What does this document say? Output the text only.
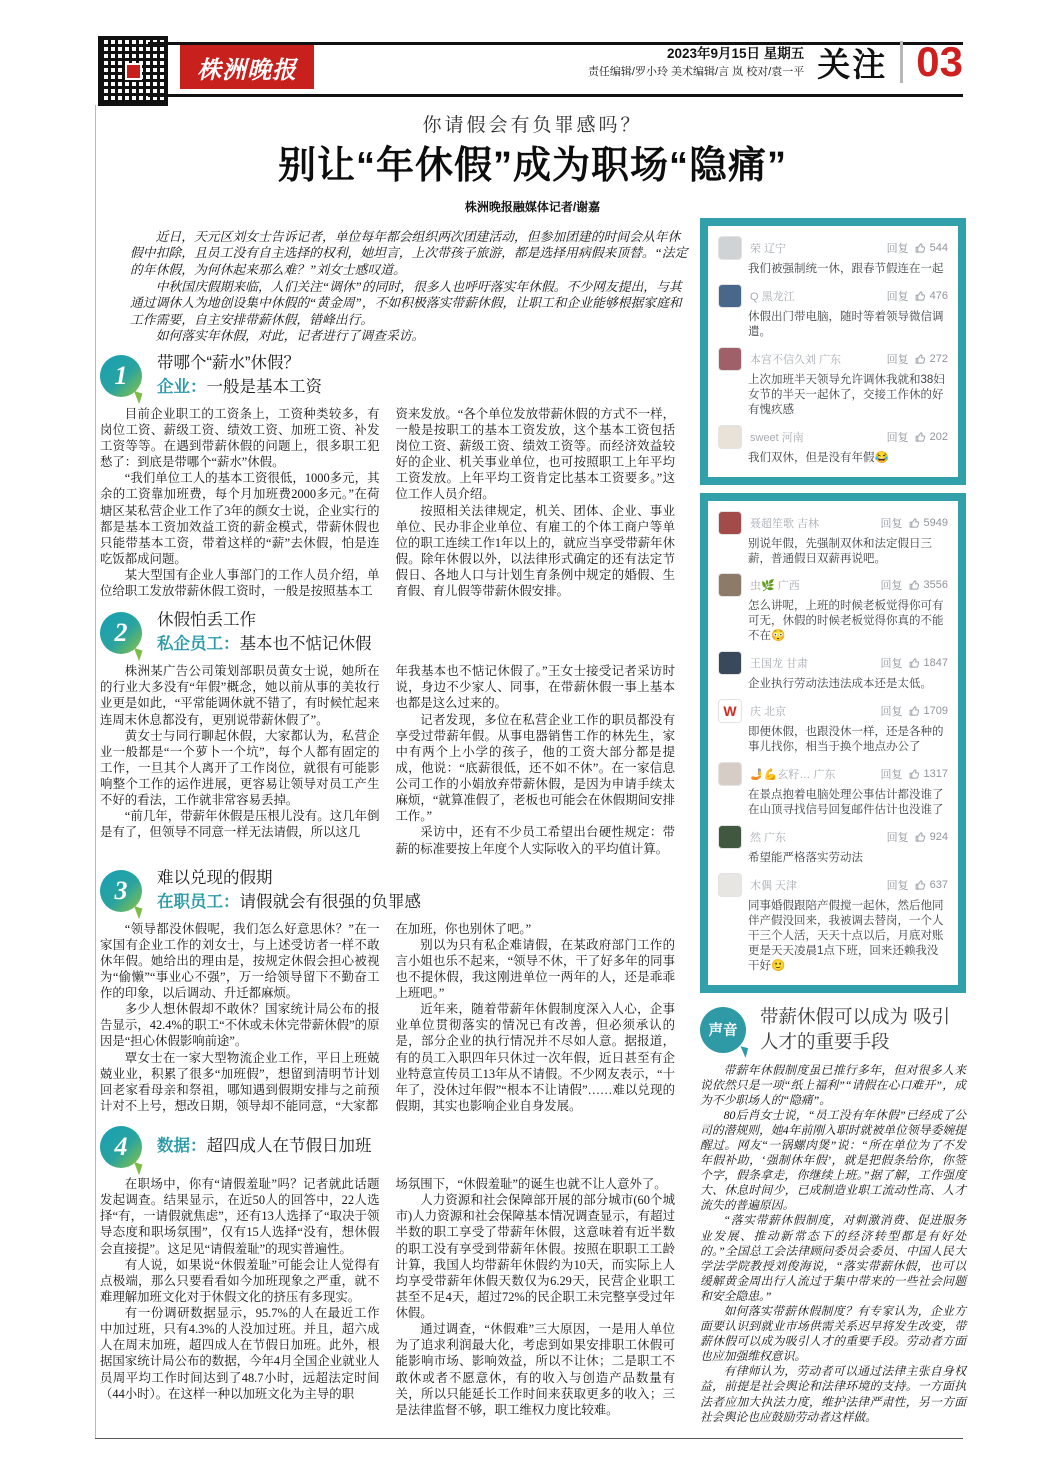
株洲晚报
2023年9月15日 星期五
责任编辑/罗小玲 美术编辑/言 岚 校对/袁一平 关注 03
你请假会有负罪感吗？
别让“年休假”成为职场“隐痛”
株洲晚报融媒体记者/谢嘉

近日，天元区刘女士告诉记者，单位每年都会组织两次团建活动，但参加团建的时间会从年休假中扣除，且员工没有自主选择的权利，她坦言，上次带孩子旅游，都是选择用病假来顶替。“法定的年休假，为何休起来那么难？”刘女士感叹道。

中秋国庆假期来临，人们关注“调休”的同时，很多人也呼吁落实年休假。不少网友提出，与其通过调休人为地创设集中休假的“黄金周”，不如积极落实带薪休假，让职工和企业能够根据家庭和工作需要，自主安排带薪休假，错峰出行。

如何落实年休假，对此，记者进行了调查采访。

1	带哪个“薪水”休假？
企业：一般是基本工资

目前企业职工的工资条上，工资种类较多，有岗位工资、薪级工资、绩效工资、加班工资、补发工资等等。在遇到带薪休假的问题上，很多职工犯愁了：到底是带哪个“薪水”休假。

“我们单位工人的基本工资很低，1000多元，其余的工资靠加班费，每个月加班费2000多元。”在荷塘区某私营企业工作了3年的颜女士说，企业实行的都是基本工资加效益工资的薪金模式，带薪休假也只能带基本工资，带着这样的“薪”去休假，怕是连吃饭都成问题。

某大型国有企业人事部门的工作人员介绍，单位给职工发放带薪休假工资时，一般是按照基本工

资来发放。“各个单位发放带薪休假的方式不一样，一般是按职工的基本工资发放，这个基本工资包括岗位工资、薪级工资、绩效工资等。而经济效益较好的企业、机关事业单位，也可按照职工上年平均工资发放。上年平均工资肯定比基本工资要多。”这位工作人员介绍。

按照相关法律规定，机关、团体、企业、事业单位、民办非企业单位、有雇工的个体工商户等单位的职工连续工作1年以上的，就应当享受带薪年休假。除年休假以外，以法律形式确定的还有法定节假日、各地人口与计划生育条例中规定的婚假、生育假、育儿假等带薪休假安排。

2	休假怕丢工作
私企员工：基本也不惦记休假

株洲某广告公司策划部职员黄女士说，她所在的行业大多没有“年假”概念，她以前从事的美妆行业更是如此，“平常能调休就不错了，有时候忙起来连周末休息都没有，更别说带薪休假了”。

黄女士与同行聊起休假，大家都认为，私营企业一般都是“一个萝卜一个坑”，每个人都有固定的工作，一旦其个人离开了工作岗位，就很有可能影响整个工作的运作进展，更容易让领导对员工产生不好的看法，工作就非常容易丢掉。

“前几年，带薪年休假是压根儿没有。这几年倒是有了，但领导不同意一样无法请假，所以这几

年我基本也不惦记休假了。”王女士接受记者采访时说，身边不少家人、同事，在带薪休假一事上基本也都是这么过来的。

记者发现，多位在私营企业工作的职员都没有享受过带薪年假。从事电器销售工作的林先生，家中有两个上小学的孩子，他的工资大部分都是提成，他说：“底薪很低，还不如不休”。在一家信息公司工作的小娟放弃带薪休假，是因为申请手续太麻烦，“就算准假了，老板也可能会在休假期间安排工作。”

采访中，还有不少员工希望出台硬性规定：带薪的标准要按上年度个人实际收入的平均值计算。

3	难以兑现的假期
在职员工：请假就会有很强的负罪感

“领导都没休假呢，我们怎么好意思休？”在一家国有企业工作的刘女士，与上述受访者一样不敢休年假。她给出的理由是，按规定休假会担心被视为“偷懒”“事业心不强”，万一给领导留下不勤奋工作的印象，以后调动、升迁都麻烦。

多少人想休假却不敢休？国家统计局公布的报告显示，42.4%的职工“不休或未休完带薪休假”的原因是“担心休假影响前途”。

覃女士在一家大型物流企业工作，平日上班兢兢业业，积累了很多“加班假”，想留到清明节计划回老家看母亲和祭祖，哪知遇到假期安排与之前预计对不上号，想改日期，领导却不能同意，“大家都

在加班，你也别休了吧。”

别以为只有私企难请假，在某政府部门工作的言小姐也乐不起来，“领导不休，干了好多年的同事也不提休假，我这刚进单位一两年的人，还是乖乖上班吧。”

近年来，随着带薪年休假制度深入人心，企事业单位贯彻落实的情况已有改善，但必须承认的是，部分企业的执行情况并不尽如人意。据报道，有的员工入职四年只休过一次年假，近日甚至有企业特意宣传员工13年从不请假。不少网友表示，“十年了，没休过年假”“根本不让请假”……难以兑现的假期，其实也影响企业自身发展。

4	数据：超四成人在节假日加班

在职场中，你有“请假羞耻”吗？记者就此话题发起调查。结果显示，在近50人的回答中，22人选择“有，一请假就焦虑”，还有13人选择了“取决于领导态度和职场氛围”，仅有15人选择“没有，想休假会直接提”。这足见“请假羞耻”的现实普遍性。

有人说，如果说“休假羞耻”可能会让人觉得有点极端，那么只要看看如今加班现象之严重，就不难理解加班文化对于休假文化的挤压有多现实。

有一份调研数据显示，95.7%的人在最近工作中加过班，只有4.3%的人没加过班。并且，超六成人在周末加班，超四成人在节假日加班。此外，根据国家统计局公布的数据，今年4月全国企业就业人员周平均工作时间达到了48.7小时，远超法定时间（44小时）。在这样一种以加班文化为主导的职

场氛围下，“休假羞耻”的诞生也就不让人意外了。

人力资源和社会保障部开展的部分城市(60个城市)人力资源和社会保障基本情况调查显示，有超过半数的职工享受了带薪年休假，这意味着有近半数的职工没有享受到带薪年休假。按照在职职工工龄计算，我国人均带薪年休假约为10天，而实际上人均享受带薪年休假天数仅为6.29天，民营企业职工甚至不足4天，超过72%的民企职工未完整享受过年休假。

通过调查，“休假难”三大原因，一是用人单位为了追求利润最大化，考虑到如果安排职工休假可能影响市场、影响效益，所以不让休；二是职工不敢休或者不愿意休，有的收入与创造产品数量有关，所以只能延长工作时间来获取更多的收入；三是法律监督不够，职工维权力度比较难。

荣 辽宁	回复 544
我们被强制统一休，跟春节假连在一起
Q 黑龙江	回复 476
休假出门带电脑，随时等着领导微信调遣。
本宫不信久刘 广东	回复 272
上次加班半天领导允许调休我就和38妇女节的半天一起休了，交接工作休的好有愧疚感
sweet 河南	回复 202
我们双休，但是没有年假😂
聂超笙歌 吉林	回复 5949
别说年假，先强制双休和法定假日三薪，普通假日双薪再说吧。
虫🌿 广西	回复 3556
怎么讲呢，上班的时候老板觉得你可有可无，休假的时候老板觉得你真的不能不在😳
王国龙 甘肃	回复 1847
企业执行劳动法违法成本还是太低。
W 庆 北京	回复 1709
即便休假，也跟没休一样，还是各种的事儿找你，相当于换个地点办公了
🤳💪玄籽… 广东	回复 1317
在景点抱着电脑处理公事估计都没谁了 在山顶寻找信号回复邮件估计也没谁了
然 广东	回复 924
希望能严格落实劳动法
木偶 天津	回复 637
同事婚假跟陪产假搅一起休，然后他同伴产假没回来，我被调去替岗，一个人干三个人活，天天十点以后，月底对账更是天天凌晨1点下班，回来还赖我没干好🙂
声音
带薪休假可以成为 吸引人才的重要手段

带薪年休假制度虽已推行多年，但对很多人来说依然只是一项“纸上福利”“请假在心口难开”，成为不少职场人的“隐痛”。

80后肖女士说，“员工没有年休假”已经成了公司的潜规则，她4年前刚入职时就被单位领导委婉提醒过。网友“一锅螺肉煲”说：“所在单位为了不发年假补助，‘强制休年假’，就是把假条给你，你签个字，假条拿走，你继续上班。”据了解，工作强度大、休息时间少，已成制造业职工流动性高、人才流失的普遍原因。

“落实带薪休假制度，对刺激消费、促进服务业发展、推动新常态下的经济转型都是有好处的。”全国总工会法律顾问委员会委员、中国人民大学法学院教授刘俊海说，“落实带薪休假，也可以缓解黄金周出行人流过于集中带来的一些社会问题和安全隐患。”

如何落实带薪休假制度？有专家认为，企业方面要认识到就业市场供需关系迟早将发生改变，带薪休假可以成为吸引人才的重要手段。劳动者方面也应加强维权意识。

有律师认为，劳动者可以通过法律主张自身权益，前提是社会舆论和法律环境的支持。一方面执法者应加大执法力度，维护法律严肃性，另一方面社会舆论也应鼓励劳动者这样做。
